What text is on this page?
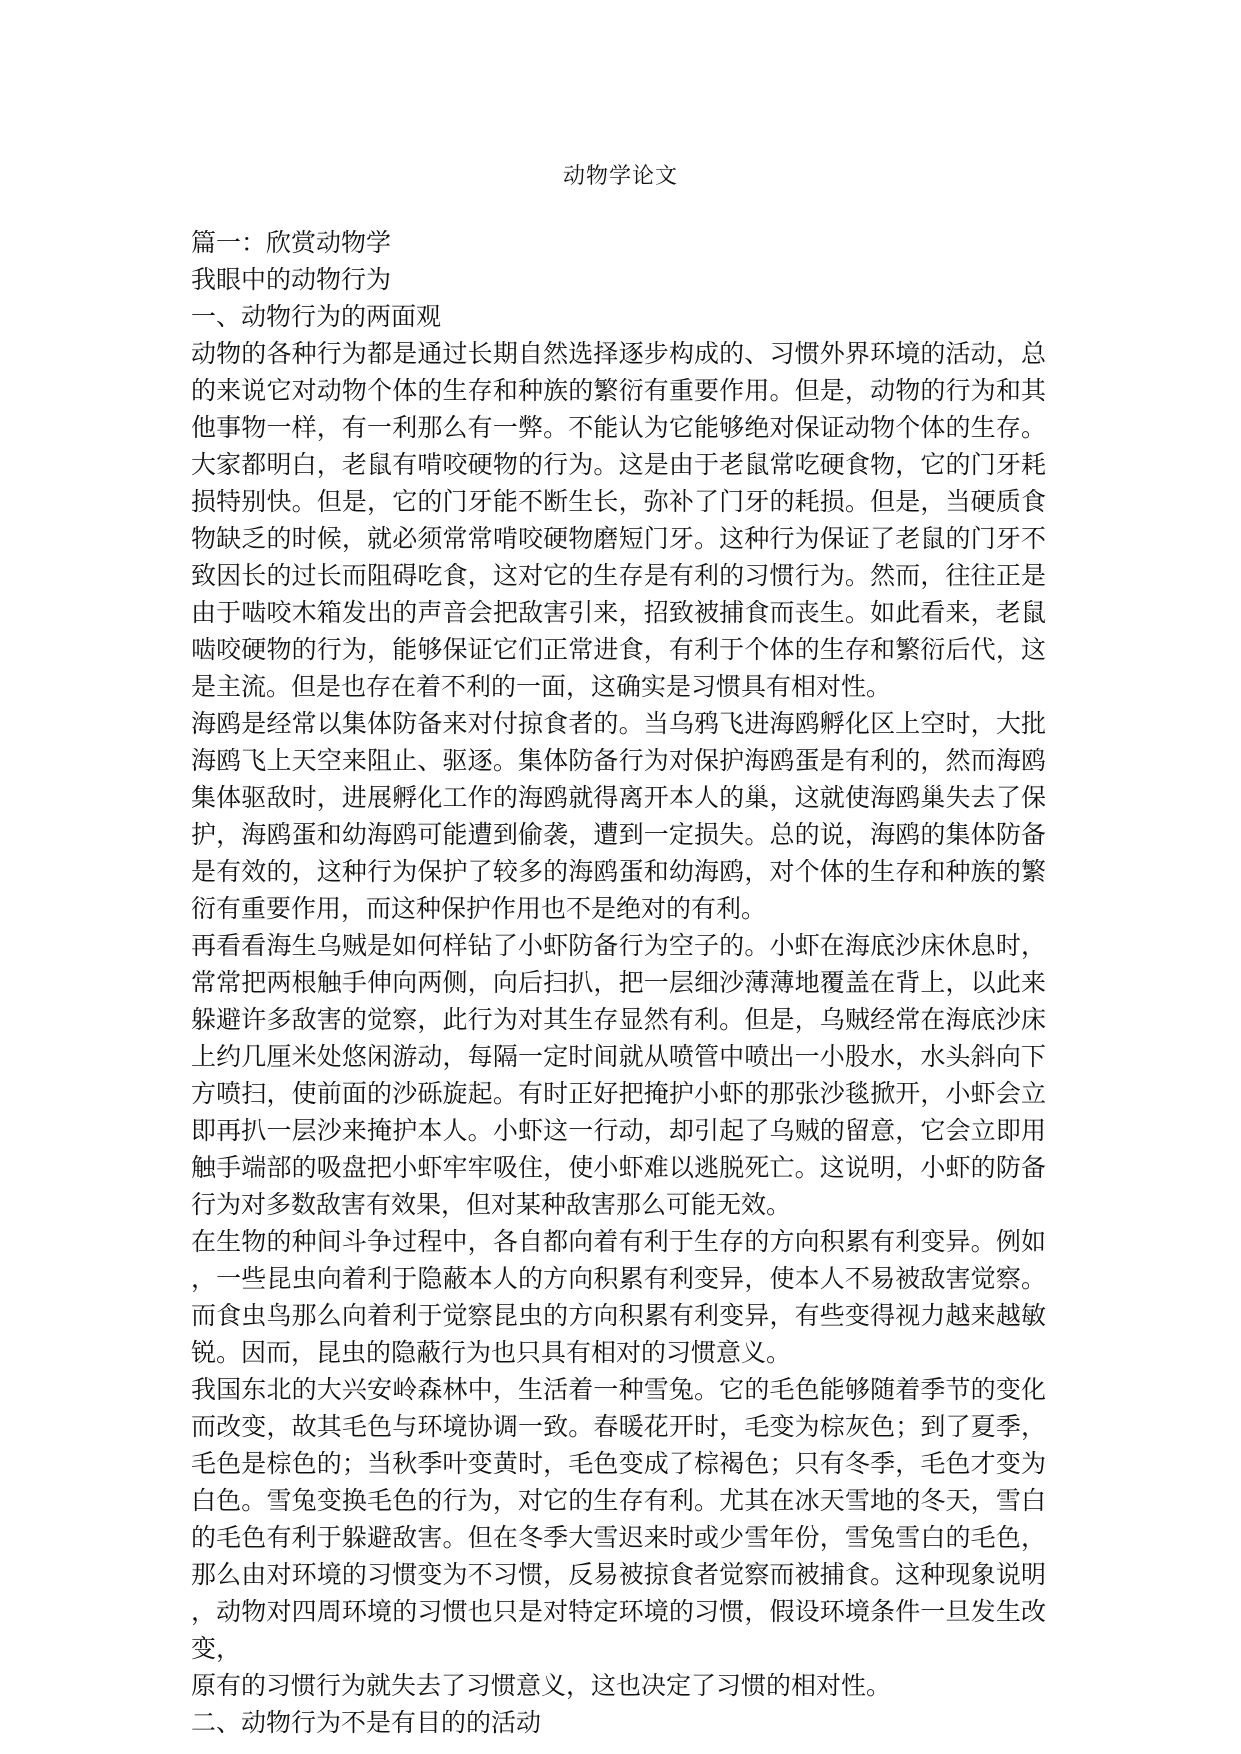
动物学论文
篇一：欣赏动物学
我眼中的动物行为
一、动物行为的两面观
动物的各种行为都是通过长期自然选择逐步构成的、习惯外界环境的活动，总
的来说它对动物个体的生存和种族的繁衍有重要作用。但是，动物的行为和其
他事物一样，有一利那么有一弊。不能认为它能够绝对保证动物个体的生存。
大家都明白，老鼠有啃咬硬物的行为。这是由于老鼠常吃硬食物，它的门牙耗
损特别快。但是，它的门牙能不断生长，弥补了门牙的耗损。但是，当硬质食
物缺乏的时候，就必须常常啃咬硬物磨短门牙。这种行为保证了老鼠的门牙不
致因长的过长而阻碍吃食，这对它的生存是有利的习惯行为。然而，往往正是
由于啮咬木箱发出的声音会把敌害引来，招致被捕食而丧生。如此看来，老鼠
啮咬硬物的行为，能够保证它们正常进食，有利于个体的生存和繁衍后代，这
是主流。但是也存在着不利的一面，这确实是习惯具有相对性。
海鸥是经常以集体防备来对付掠食者的。当乌鸦飞进海鸥孵化区上空时，大批
海鸥飞上天空来阻止、驱逐。集体防备行为对保护海鸥蛋是有利的，然而海鸥
集体驱敌时，进展孵化工作的海鸥就得离开本人的巢，这就使海鸥巢失去了保
护，海鸥蛋和幼海鸥可能遭到偷袭，遭到一定损失。总的说，海鸥的集体防备
是有效的，这种行为保护了较多的海鸥蛋和幼海鸥，对个体的生存和种族的繁
衍有重要作用，而这种保护作用也不是绝对的有利。
再看看海生乌贼是如何样钻了小虾防备行为空子的。小虾在海底沙床休息时，
常常把两根触手伸向两侧，向后扫扒，把一层细沙薄薄地覆盖在背上，以此来
躲避许多敌害的觉察，此行为对其生存显然有利。但是，乌贼经常在海底沙床
上约几厘米处悠闲游动，每隔一定时间就从喷管中喷出一小股水，水头斜向下
方喷扫，使前面的沙砾旋起。有时正好把掩护小虾的那张沙毯掀开，小虾会立
即再扒一层沙来掩护本人。小虾这一行动，却引起了乌贼的留意，它会立即用
触手端部的吸盘把小虾牢牢吸住，使小虾难以逃脱死亡。这说明，小虾的防备
行为对多数敌害有效果，但对某种敌害那么可能无效。
在生物的种间斗争过程中，各自都向着有利于生存的方向积累有利变异。例如
，一些昆虫向着利于隐蔽本人的方向积累有利变异，使本人不易被敌害觉察。
而食虫鸟那么向着利于觉察昆虫的方向积累有利变异，有些变得视力越来越敏
锐。因而，昆虫的隐蔽行为也只具有相对的习惯意义。
我国东北的大兴安岭森林中，生活着一种雪兔。它的毛色能够随着季节的变化
而改变，故其毛色与环境协调一致。春暖花开时，毛变为棕灰色；到了夏季，
毛色是棕色的；当秋季叶变黄时，毛色变成了棕褐色；只有冬季，毛色才变为
白色。雪兔变换毛色的行为，对它的生存有利。尤其在冰天雪地的冬天，雪白
的毛色有利于躲避敌害。但在冬季大雪迟来时或少雪年份，雪兔雪白的毛色，
那么由对环境的习惯变为不习惯，反易被掠食者觉察而被捕食。这种现象说明
，动物对四周环境的习惯也只是对特定环境的习惯，假设环境条件一旦发生改
变，
原有的习惯行为就失去了习惯意义，这也决定了习惯的相对性。
二、动物行为不是有目的的活动
